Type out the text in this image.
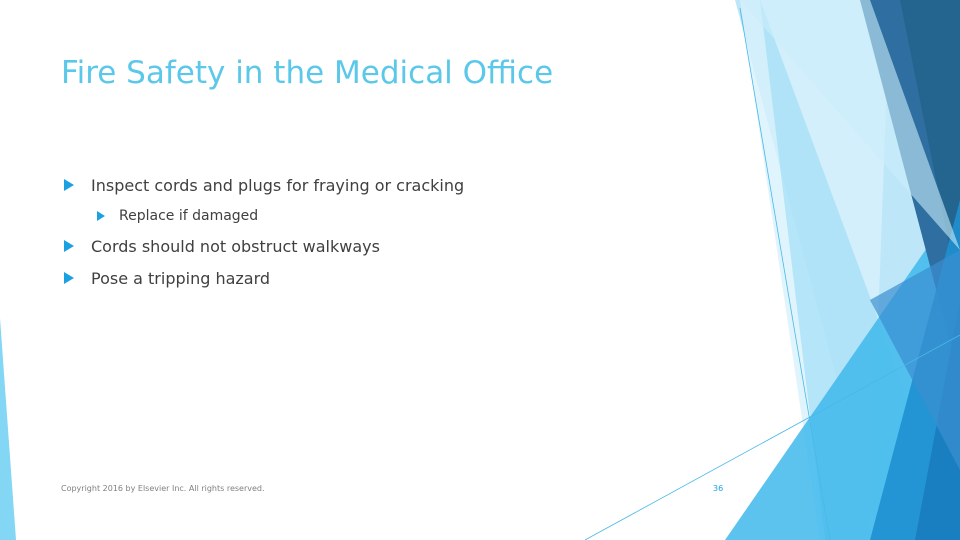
Fire Safety in the Medical Office
Inspect cords and plugs for fraying or cracking
Replace if damaged
Cords should not obstruct walkways
Pose a tripping hazard
Copyright 2016 by Elsevier Inc. All rights reserved.	36
